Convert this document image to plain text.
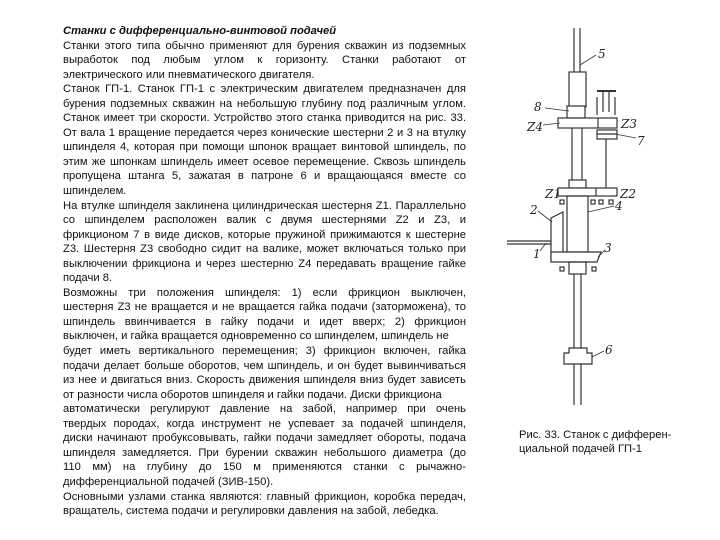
Станки с дифференциально-винтовой подачей
Станки этого типа обычно применяют для бурения скважин из подземных
выработок под любым углом к горизонту. Станки работают от
электрического или пневматического двигателя.
Станок ГП-1. Станок ГП-1 с электрическим двигателем предназначен для
бурения подземных скважин на небольшую глубину под различным углом.
Станок имеет три скорости. Устройство этого станка приводится на рис. 33.
От вала 1 вращение передается через конические шестерни 2 и 3 на втулку
шпинделя 4, которая при помощи шпонок вращает винтовой шпиндель, по
этим же шпонкам шпиндель имеет осевое перемещение. Сквозь шпиндель
пропущена штанга 5, зажатая в патроне 6 и вращающаяся вместе со
шпинделем.
На втулке шпинделя заклинена цилиндрическая шестерня Z1. Параллельно
со шпинделем расположен валик с двумя шестернями Z2 и Z3, и
фрикционом 7 в виде дисков, которые пружиной прижимаются к шестерне
Z3. Шестерня Z3 свободно сидит на валике, может включаться только при
выключении фрикциона и через шестерню Z4 передавать вращение гайке
подачи 8.
Возможны три положения шпинделя: 1) если фрикцион выключен,
шестерня Z3 не вращается и не вращается гайка подачи (заторможена), то
шпиндель ввинчивается в гайку подачи и идет вверх; 2) фрикцион
выключен, и гайка вращается одновременно со шпинделем, шпиндель не
будет иметь вертикального перемещения; 3) фрикцион включен, гайка
подачи делает больше оборотов, чем шпиндель, и он будет вывинчиваться
из нее и двигаться вниз. Скорость движения шпинделя вниз будет зависеть
от разности числа оборотов шпинделя и гайки подачи. Диски фрикциона
автоматически регулируют давление на забой, например при очень
твердых породах, когда инструмент не успевает за подачей шпинделя,
диски начинают пробуксовывать, гайки подачи замедляет обороты, подача
шпинделя замедляется. При бурении скважин небольшого диаметра (до
110 мм) на глубину до 150 м применяются станки с рычажно-
дифференциальной подачей (ЗИВ-150).
Основными узлами станка являются: главный фрикцион, коробка передач,
вращатель, система подачи и регулировки давления на забой, лебедка.
5
8
Z4	Z3
7
Z1	Z2
2	4
1	3
6
Рис. 33. Станок с дифферен-
циальной подачей ГП-1
